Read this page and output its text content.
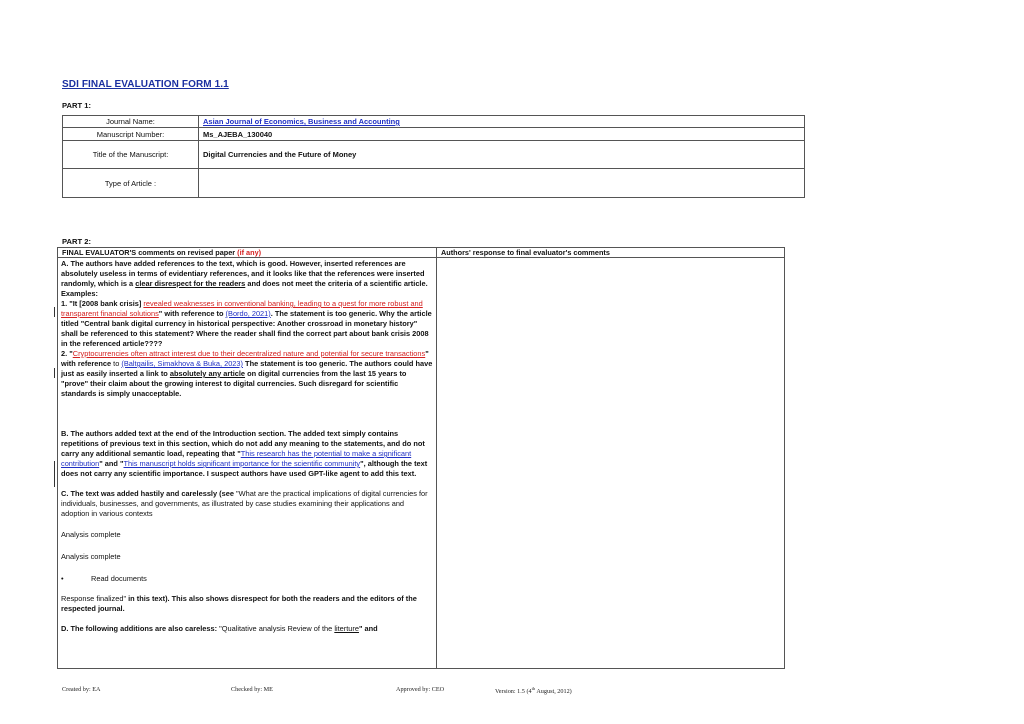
SDI FINAL EVALUATION FORM 1.1
PART 1:
Journal Name:	Asian Journal of Economics, Business and Accounting
Manuscript Number:	Ms_AJEBA_130040
Title of the Manuscript:	Digital Currencies and the Future of Money
Type of Article :	
PART 2:
FINAL EVALUATOR'S comments on revised paper (if any)	Authors' response to final evaluator's comments

A. The authors have added references to the text, which is good. However, inserted references are absolutely useless in terms of evidentiary references, and it looks like that the references were inserted randomly, which is a clear disrespect for the readers and does not meet the criteria of a scientific article. Examples:

1. "It [2008 bank crisis] revealed weaknesses in conventional banking, leading to a quest for more robust and transparent financial solutions" with reference to (Bordo, 2021). The statement is too generic. Why the article titled "Central bank digital currency in historical perspective: Another crossroad in monetary history" shall be referenced to this statement? Where the reader shall find the correct part about bank crisis 2008 in the referenced article????

2. "Cryptocurrencies often attract interest due to their decentralized nature and potential for secure transactions" with reference to (Baltgailis, Simakhova & Buka, 2023) The statement is too generic. The authors could have just as easily inserted a link to absolutely any article on digital currencies from the last 15 years to "prove" their claim about the growing interest to digital currencies. Such disregard for scientific standards is simply unacceptable.

B. The authors added text at the end of the Introduction section. The added text simply contains repetitions of previous text in this section, which do not add any meaning to the statements, and do not carry any additional semantic load, repeating that "This research has the potential to make a significant contribution" and "This manuscript holds significant importance for the scientific community", although the text does not carry any scientific importance. I suspect authors have used GPT-like agent to add this text.

C. The text was added hastily and carelessly (see "What are the practical implications of digital currencies for individuals, businesses, and governments, as illustrated by case studies examining their applications and adoption in various contexts

Analysis complete

Analysis complete

•	Read documents

Response finalized" in this text). This also shows disrespect for both the readers and the editors of the respected journal.

D. The following additions are also careless: "Qualitative analysis Review of the literture" and

Created by: EA	Checked by: ME	Approved by: CEO	Version: 1.5 (4th August, 2012)
